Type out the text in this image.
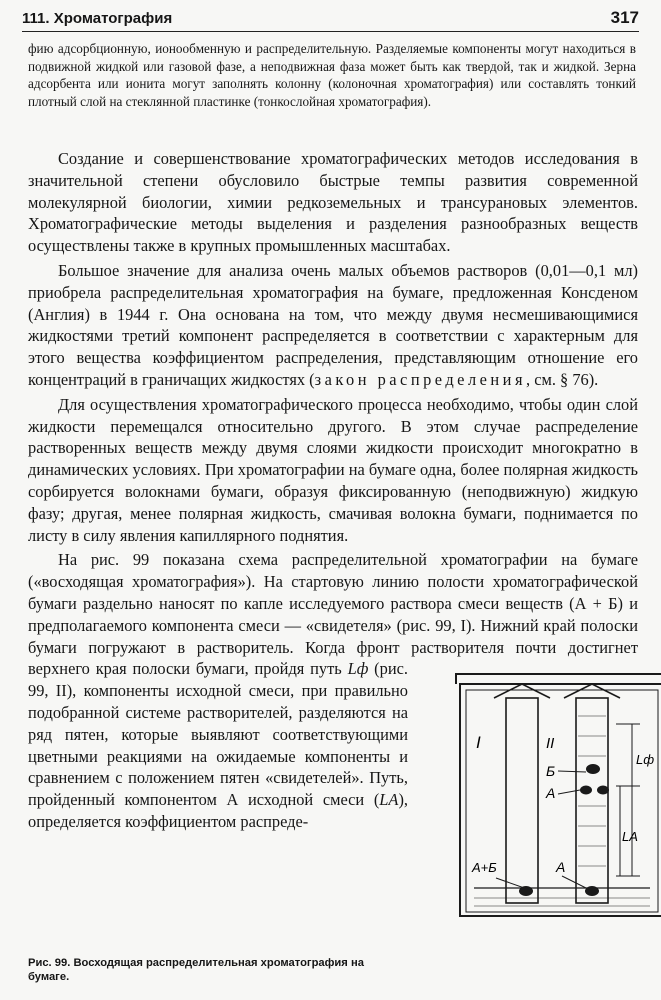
111. Хроматография	317
фию адсорбционную, ионообменную и распределительную. Разделяемые компоненты могут находиться в подвижной жидкой или газовой фазе, а неподвижная фаза может быть как твердой, так и жидкой. Зерна адсорбента или ионита могут заполнять колонну (колоночная хроматография) или составлять тонкий плотный слой на стеклянной пластинке (тонкослойная хроматография).

Создание и совершенствование хроматографических методов исследования в значительной степени обусловило быстрые темпы развития современной молекулярной биологии, химии редкоземельных и трансурановых элементов. Хроматографические методы выделения и разделения разнообразных веществ осуществлены также в крупных промышленных масштабах.

Большое значение для анализа очень малых объемов растворов (0,01—0,1 мл) приобрела распределительная хроматография на бумаге, предложенная Консденом (Англия) в 1944 г. Она основана на том, что между двумя несмешивающимися жидкостями третий компонент распределяется в соответствии с характерным для этого вещества коэффициентом распределения, представляющим отношение его концентраций в граничащих жидкостях (закон распределения, см. § 76).

Для осуществления хроматографического процесса необходимо, чтобы один слой жидкости перемещался относительно другого. В этом случае распределение растворенных веществ между двумя слоями жидкости происходит многократно в динамических условиях. При хроматографии на бумаге одна, более полярная жидкость сорбируется волокнами бумаги, образуя фиксированную (неподвижную) жидкую фазу; другая, менее полярная жидкость, смачивая волокна бумаги, поднимается по листу в силу явления капиллярного поднятия.

На рис. 99 показана схема распределительной хроматографии на бумаге («восходящая хроматография»). На стартовую линию полости хроматографической бумаги раздельно наносят по капле исследуемого раствора смеси веществ (А + Б) и предполагаемого компонента смеси — «свидетеля» (рис. 99, I). Нижний край полоски бумаги погружают в растворитель. Когда фронт растворителя почти достигнет верхнего края полоски бумаги, пройдя путь
I	II
Б
А
А+Б	А
Lф
LA
Lф (рис. 99, II), компоненты исходной смеси, при правильно подобранной системе растворителей, разделяются на ряд пятен, которые выявляют соответствующими цветными реакциями на ожидаемые компоненты и сравнением с положением пятен «свидетелей». Путь, пройденный компонентом А исходной смеси (LA), определяется коэффициентом распреде-

Рис. 99. Восходящая распределительная хроматография на бумаге.
